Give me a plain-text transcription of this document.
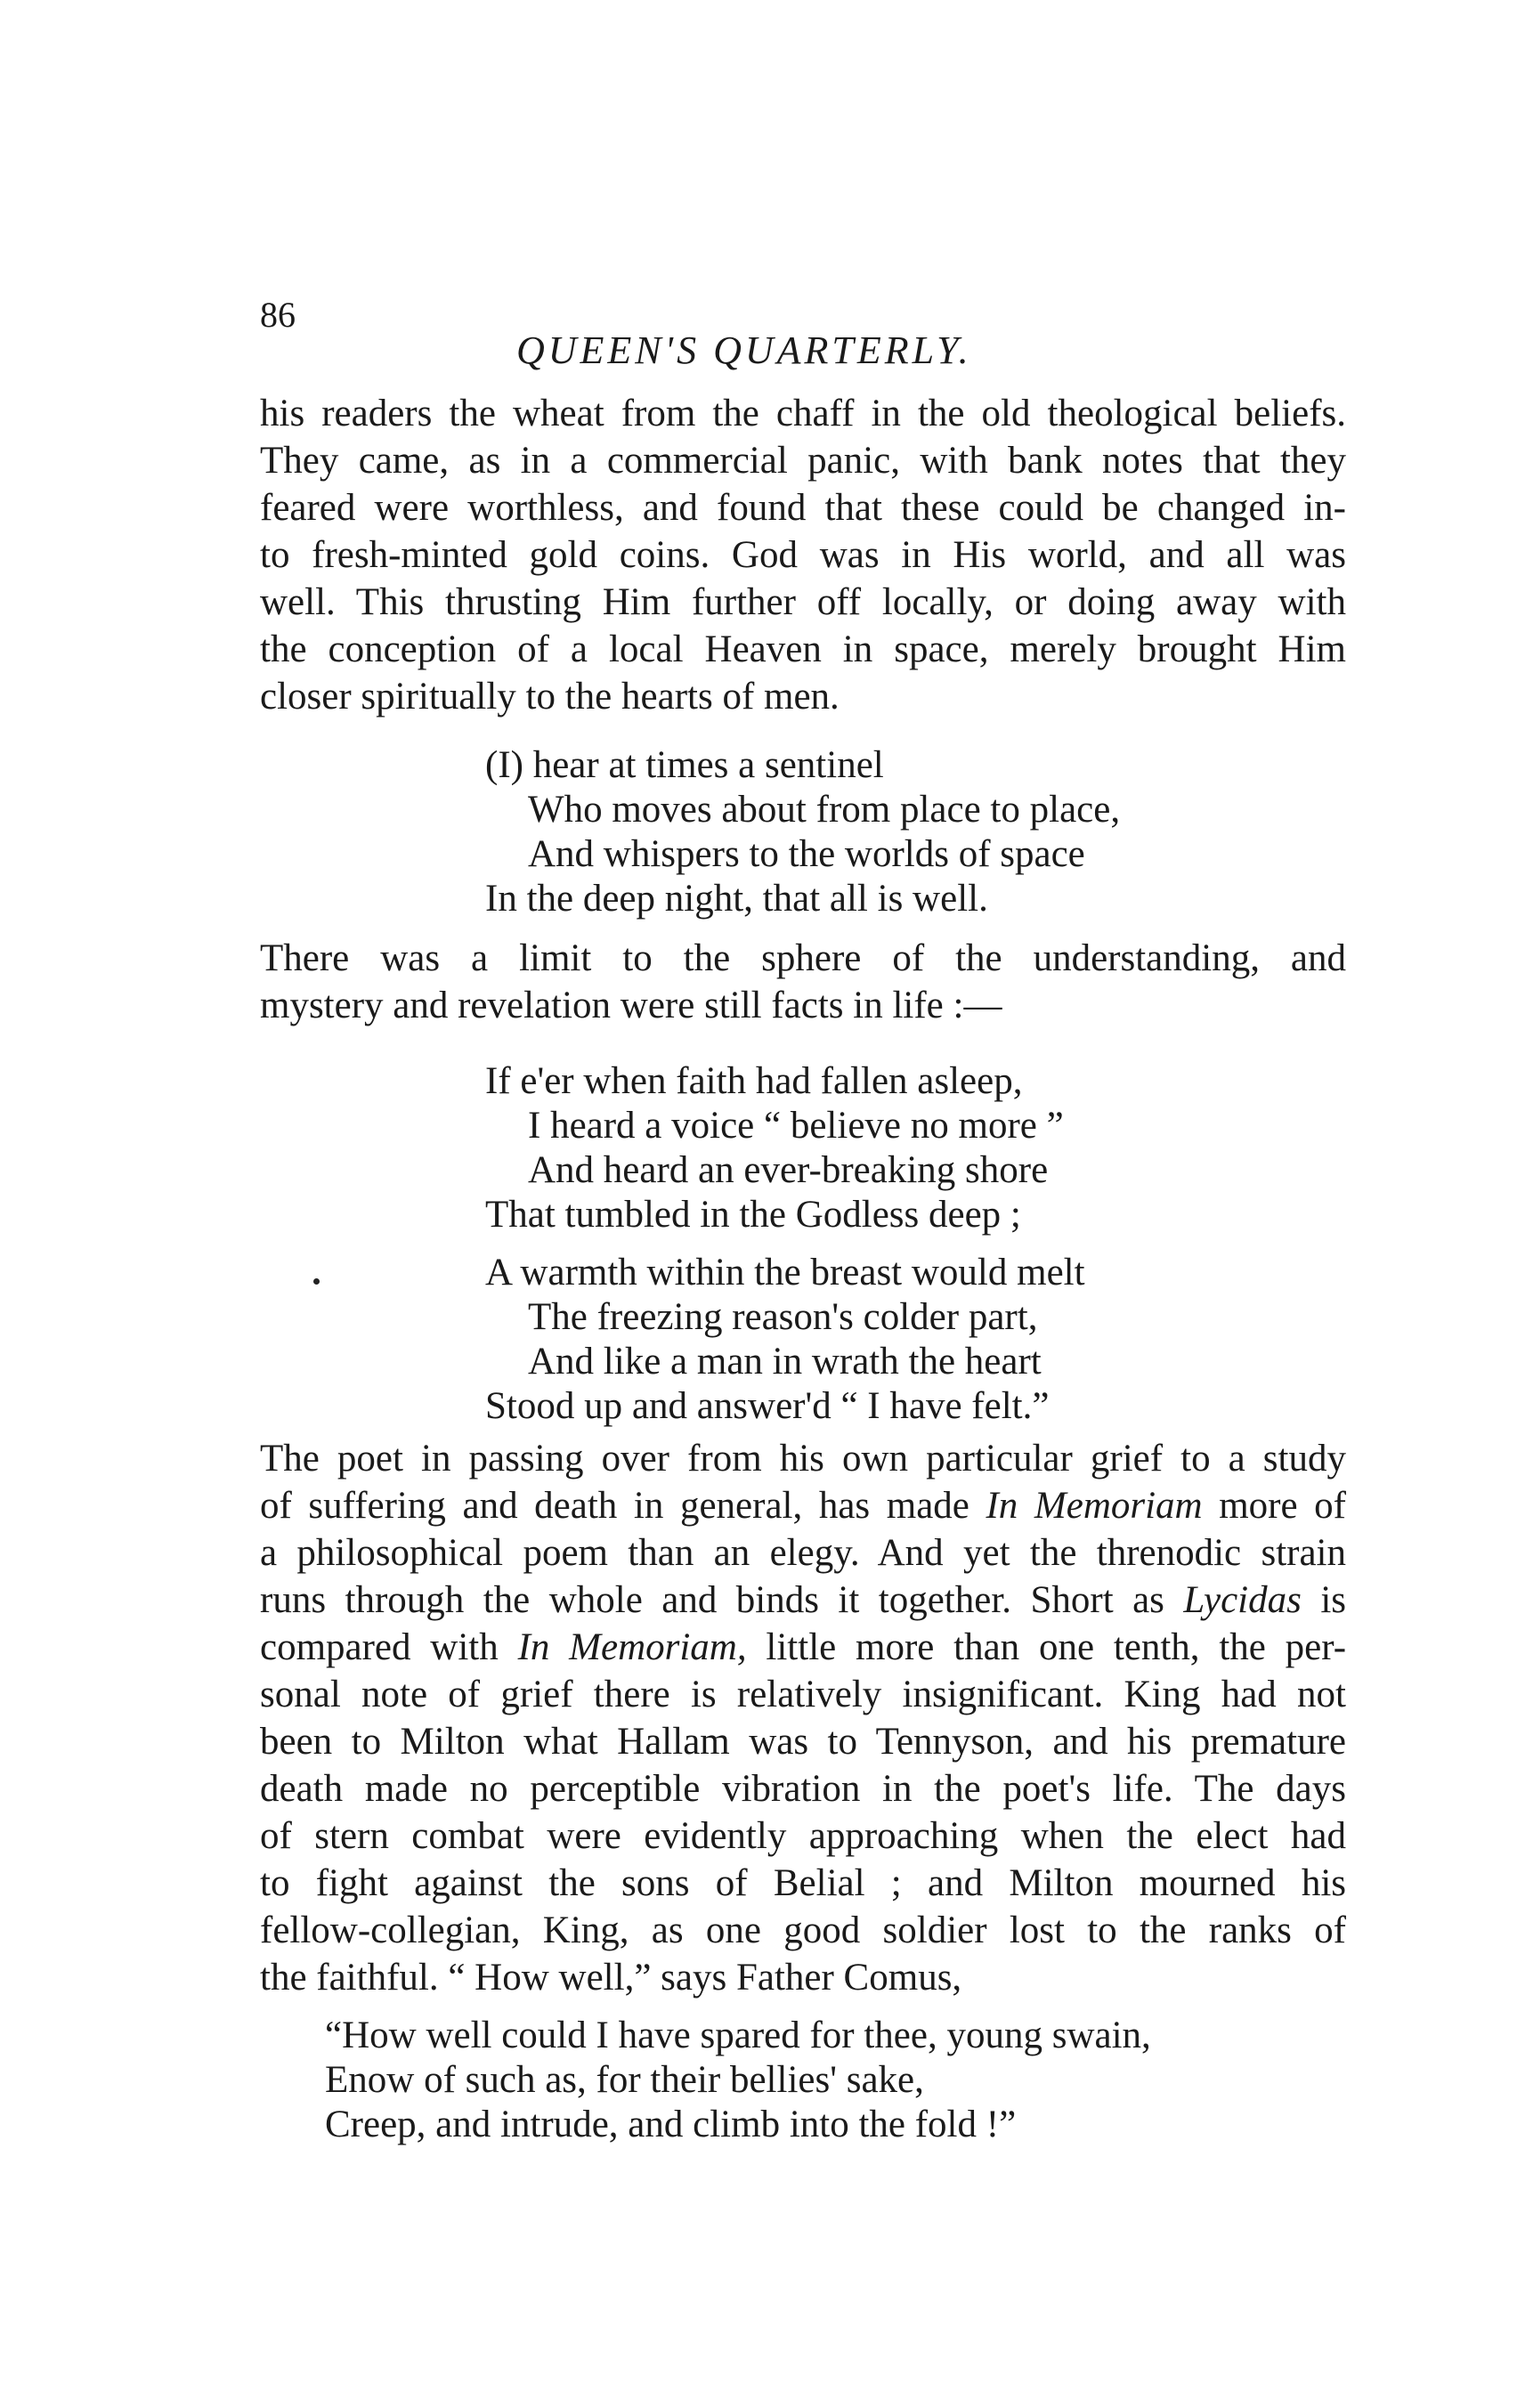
86
QUEEN'S QUARTERLY.
his readers the wheat from the chaff in the old theological beliefs.
They came, as in a commercial panic, with bank notes that they
feared were worthless, and found that these could be changed in-
to fresh-minted gold coins. God was in His world, and all was
well. This thrusting Him further off locally, or doing away with
the conception of a local Heaven in space, merely brought Him
closer spiritually to the hearts of men.
(I) hear at times a sentinel
Who moves about from place to place,
And whispers to the worlds of space
In the deep night, that all is well.
There was a limit to the sphere of the understanding, and
mystery and revelation were still facts in life :—
If e'er when faith had fallen asleep,
I heard a voice “ believe no more ”
And heard an ever-breaking shore
That tumbled in the Godless deep ;
A warmth within the breast would melt
The freezing reason's colder part,
And like a man in wrath the heart
Stood up and answer'd “ I have felt.”
The poet in passing over from his own particular grief to a study
of suffering and death in general, has made In Memoriam more of
a philosophical poem than an elegy. And yet the threnodic strain
runs through the whole and binds it together. Short as Lycidas is
compared with In Memoriam, little more than one tenth, the per-
sonal note of grief there is relatively insignificant. King had not
been to Milton what Hallam was to Tennyson, and his premature
death made no perceptible vibration in the poet's life. The days
of stern combat were evidently approaching when the elect had
to fight against the sons of Belial ; and Milton mourned his
fellow-collegian, King, as one good soldier lost to the ranks of
the faithful. “ How well,” says Father Comus,
“How well could I have spared for thee, young swain,
Enow of such as, for their bellies' sake,
Creep, and intrude, and climb into the fold !”
